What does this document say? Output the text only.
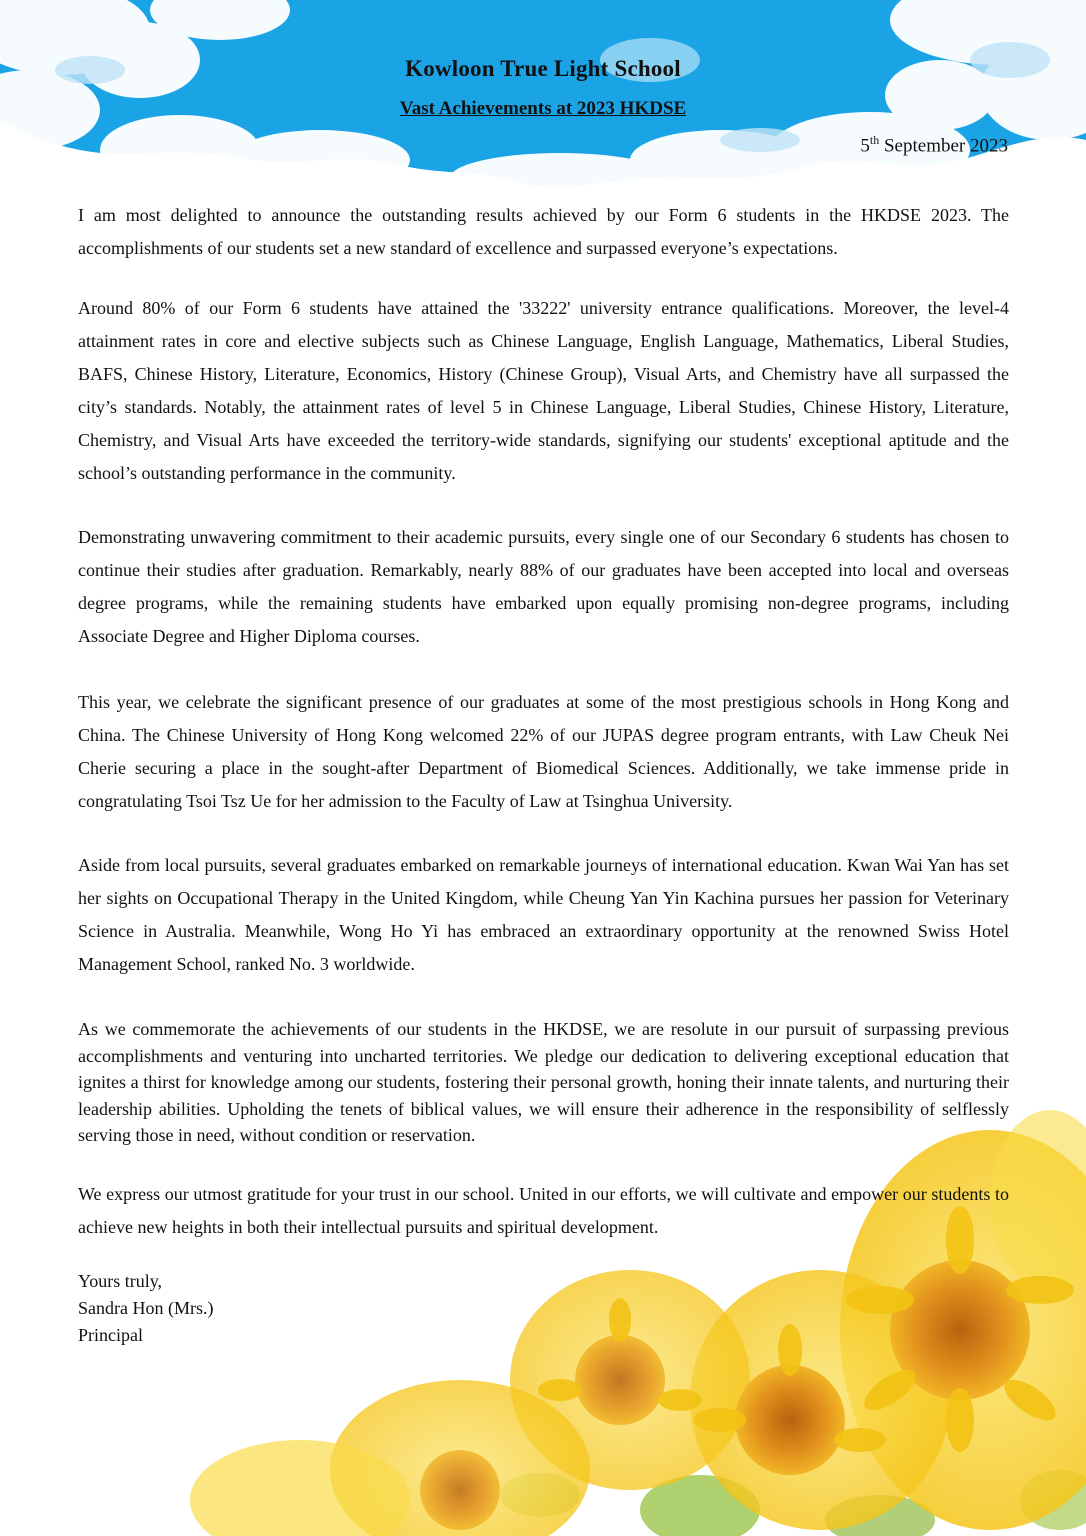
Kowloon True Light School
Vast Achievements at 2023 HKDSE
5th September 2023

I am most delighted to announce the outstanding results achieved by our Form 6 students in the HKDSE 2023. The accomplishments of our students set a new standard of excellence and surpassed everyone’s expectations.

Around 80% of our Form 6 students have attained the '33222' university entrance qualifications. Moreover, the level-4 attainment rates in core and elective subjects such as Chinese Language, English Language, Mathematics, Liberal Studies, BAFS, Chinese History, Literature, Economics, History (Chinese Group), Visual Arts, and Chemistry have all surpassed the city’s standards. Notably, the attainment rates of level 5 in Chinese Language, Liberal Studies, Chinese History, Literature, Chemistry, and Visual Arts have exceeded the territory-wide standards, signifying our students' exceptional aptitude and the school’s outstanding performance in the community.

Demonstrating unwavering commitment to their academic pursuits, every single one of our Secondary 6 students has chosen to continue their studies after graduation. Remarkably, nearly 88% of our graduates have been accepted into local and overseas degree programs, while the remaining students have embarked upon equally promising non-degree programs, including Associate Degree and Higher Diploma courses.

This year, we celebrate the significant presence of our graduates at some of the most prestigious schools in Hong Kong and China. The Chinese University of Hong Kong welcomed 22% of our JUPAS degree program entrants, with Law Cheuk Nei Cherie securing a place in the sought-after Department of Biomedical Sciences. Additionally, we take immense pride in congratulating Tsoi Tsz Ue for her admission to the Faculty of Law at Tsinghua University.

Aside from local pursuits, several graduates embarked on remarkable journeys of international education. Kwan Wai Yan has set her sights on Occupational Therapy in the United Kingdom, while Cheung Yan Yin Kachina pursues her passion for Veterinary Science in Australia. Meanwhile, Wong Ho Yi has embraced an extraordinary opportunity at the renowned Swiss Hotel Management School, ranked No. 3 worldwide.

As we commemorate the achievements of our students in the HKDSE, we are resolute in our pursuit of surpassing previous accomplishments and venturing into uncharted territories. We pledge our dedication to delivering exceptional education that ignites a thirst for knowledge among our students, fostering their personal growth, honing their innate talents, and nurturing their leadership abilities. Upholding the tenets of biblical values, we will ensure their adherence in the responsibility of selflessly serving those in need, without condition or reservation.

We express our utmost gratitude for your trust in our school. United in our efforts, we will cultivate and empower our students to achieve new heights in both their intellectual pursuits and spiritual development.

Yours truly,
Sandra Hon (Mrs.)
Principal
